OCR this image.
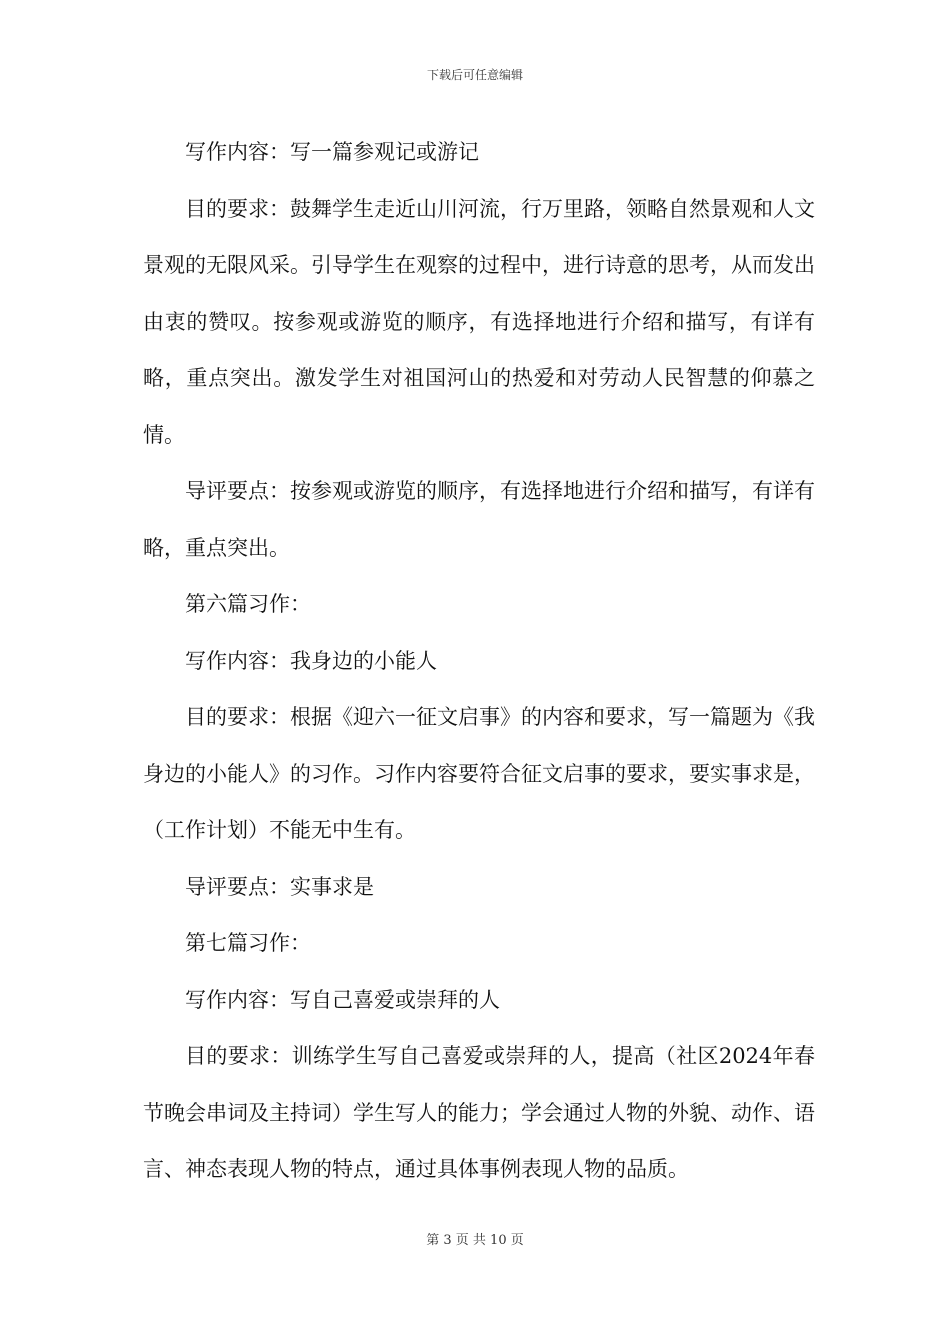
下载后可任意编辑

写作内容：写一篇参观记或游记

目的要求：鼓舞学生走近山川河流，行万里路，领略自然景观和人文景观的无限风采。引导学生在观察的过程中，进行诗意的思考，从而发出由衷的赞叹。按参观或游览的顺序，有选择地进行介绍和描写，有详有略，重点突出。激发学生对祖国河山的热爱和对劳动人民智慧的仰慕之情。

导评要点：按参观或游览的顺序，有选择地进行介绍和描写，有详有略，重点突出。

第六篇习作：

写作内容：我身边的小能人

目的要求：根据《迎六一征文启事》的内容和要求，写一篇题为《我身边的小能人》的习作。习作内容要符合征文启事的要求，要实事求是，（工作计划）不能无中生有。

导评要点：实事求是

第七篇习作：

写作内容：写自己喜爱或崇拜的人

目的要求：训练学生写自己喜爱或崇拜的人，提高（社区2024年春节晚会串词及主持词）学生写人的能力；学会通过人物的外貌、动作、语言、神态表现人物的特点，通过具体事例表现人物的品质。

第 3 页 共 10 页
